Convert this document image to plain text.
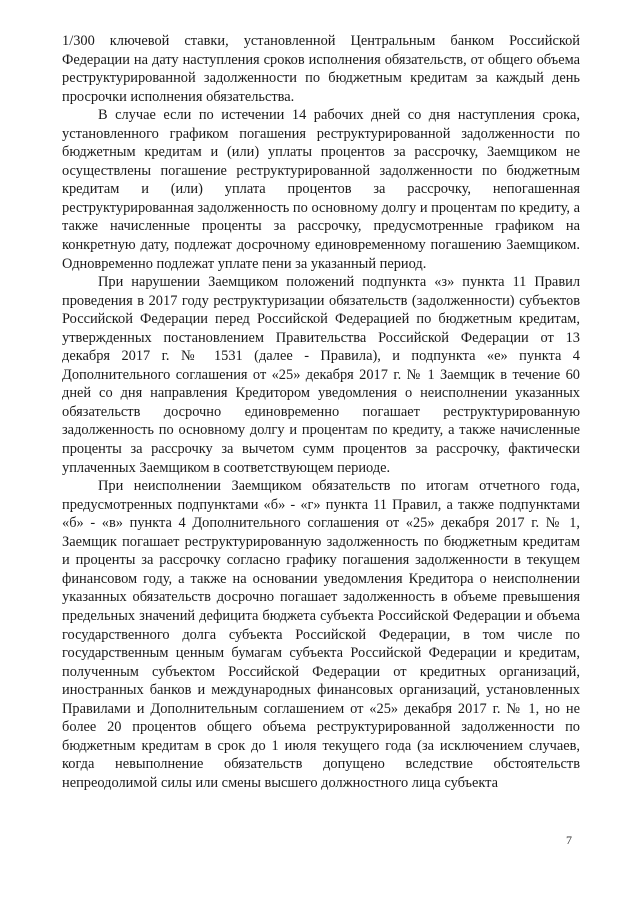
1/300 ключевой ставки, установленной Центральным банком Российской Федерации на дату наступления сроков исполнения обязательств, от общего объема реструктурированной задолженности по бюджетным кредитам за каждый день просрочки исполнения обязательства.

В случае если по истечении 14 рабочих дней со дня наступления срока, установленного графиком погашения реструктурированной задолженности по бюджетным кредитам и (или) уплаты процентов за рассрочку, Заемщиком не осуществлены погашение реструктурированной задолженности по бюджетным кредитам и (или) уплата процентов за рассрочку, непогашенная реструктурированная задолженность по основному долгу и процентам по кредиту, а также начисленные проценты за рассрочку, предусмотренные графиком на конкретную дату, подлежат досрочному единовременному погашению Заемщиком. Одновременно подлежат уплате пени за указанный период.

При нарушении Заемщиком положений подпункта «з» пункта 11 Правил проведения в 2017 году реструктуризации обязательств (задолженности) субъектов Российской Федерации перед Российской Федерацией по бюджетным кредитам, утвержденных постановлением Правительства Российской Федерации от 13 декабря 2017 г. № 1531 (далее - Правила), и подпункта «е» пункта 4 Дополнительного соглашения от «25» декабря 2017 г. № 1 Заемщик в течение 60 дней со дня направления Кредитором уведомления о неисполнении указанных обязательств досрочно единовременно погашает реструктурированную задолженность по основному долгу и процентам по кредиту, а также начисленные проценты за рассрочку за вычетом сумм процентов за рассрочку, фактически уплаченных Заемщиком в соответствующем периоде.

При неисполнении Заемщиком обязательств по итогам отчетного года, предусмотренных подпунктами «б» - «г» пункта 11 Правил, а также подпунктами «б» - «в» пункта 4 Дополнительного соглашения от «25» декабря 2017 г. № 1, Заемщик погашает реструктурированную задолженность по бюджетным кредитам и проценты за рассрочку согласно графику погашения задолженности в текущем финансовом году, а также на основании уведомления Кредитора о неисполнении указанных обязательств досрочно погашает задолженность в объеме превышения предельных значений дефицита бюджета субъекта Российской Федерации и объема государственного долга субъекта Российской Федерации, в том числе по государственным ценным бумагам субъекта Российской Федерации и кредитам, полученным субъектом Российской Федерации от кредитных организаций, иностранных банков и международных финансовых организаций, установленных Правилами и Дополнительным соглашением от «25» декабря 2017 г. № 1, но не более 20 процентов общего объема реструктурированной задолженности по бюджетным кредитам в срок до 1 июля текущего года (за исключением случаев, когда невыполнение обязательств допущено вследствие обстоятельств непреодолимой силы или смены высшего должностного лица субъекта

7
